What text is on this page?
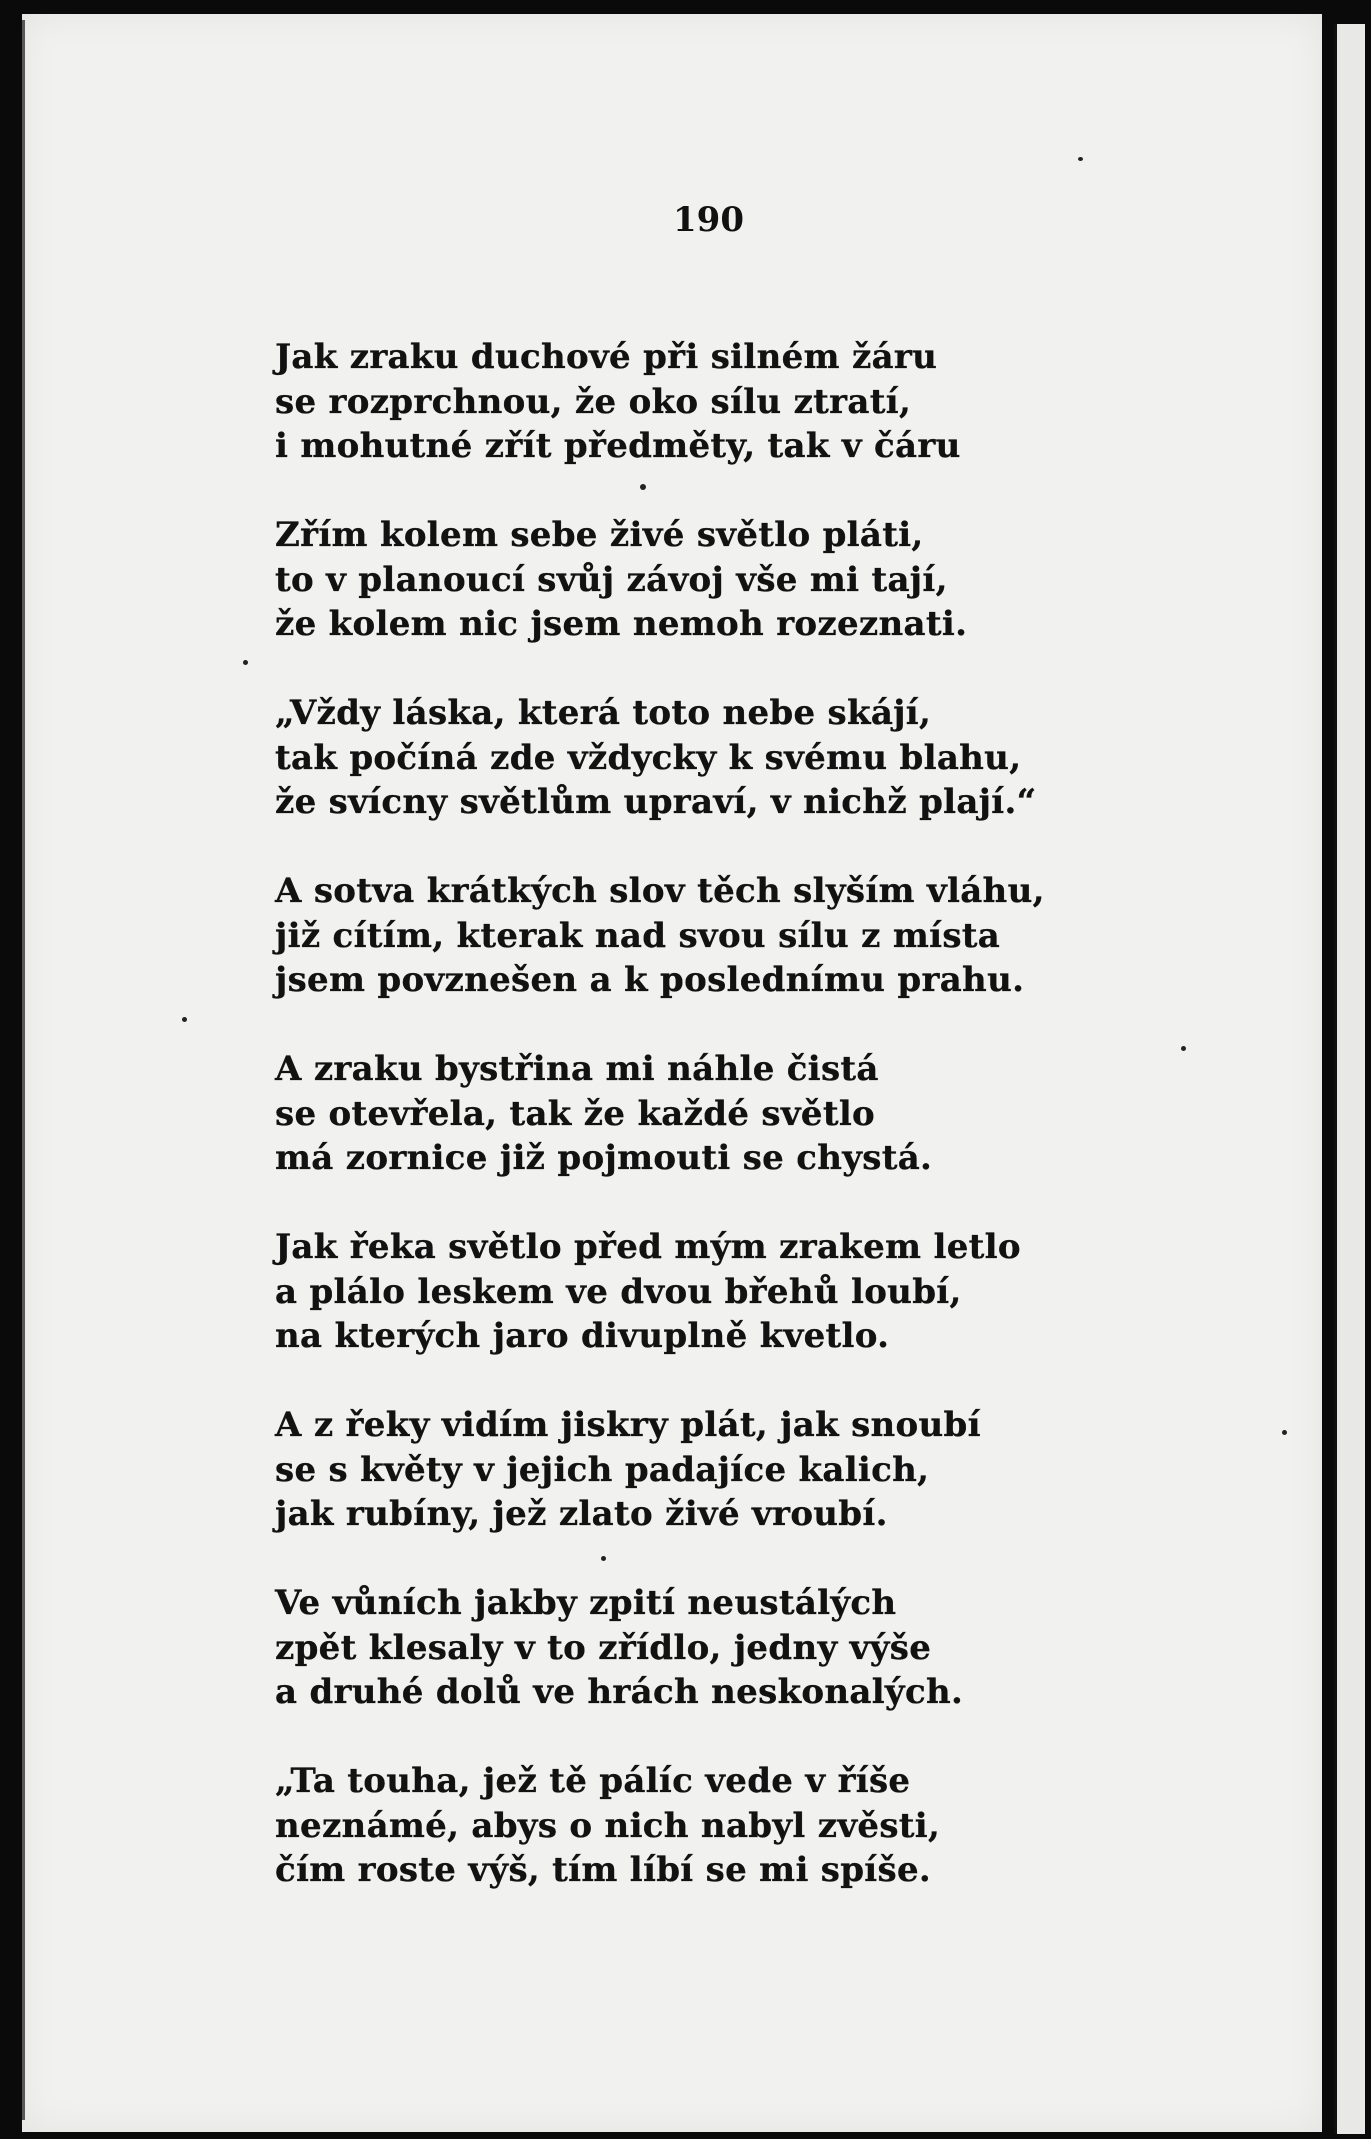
190
Jak zraku duchové při silném žáru
se rozprchnou, že oko sílu ztratí,
i mohutné zřít předměty, tak v čáru
Zřím kolem sebe živé světlo pláti,
to v planoucí svůj závoj vše mi tají,
že kolem nic jsem nemoh rozeznati.
„Vždy láska, která toto nebe skájí,
tak počíná zde vždycky k svému blahu,
že svícny světlům upraví, v nichž plají.“
A sotva krátkých slov těch slyším vláhu,
již cítím, kterak nad svou sílu z místa
jsem povznešen a k poslednímu prahu.
A zraku bystřina mi náhle čistá
se otevřela, tak že každé světlo
má zornice již pojmouti se chystá.
Jak řeka světlo před mým zrakem letlo
a plálo leskem ve dvou břehů loubí,
na kterých jaro divuplně kvetlo.
A z řeky vidím jiskry plát, jak snoubí
se s květy v jejich padajíce kalich,
jak rubíny, jež zlato živé vroubí.
Ve vůních jakby zpití neustálých
zpět klesaly v to zřídlo, jedny výše
a druhé dolů ve hrách neskonalých.
„Ta touha, jež tě pálíc vede v říše
neznámé, abys o nich nabyl zvěsti,
čím roste výš, tím líbí se mi spíše.
